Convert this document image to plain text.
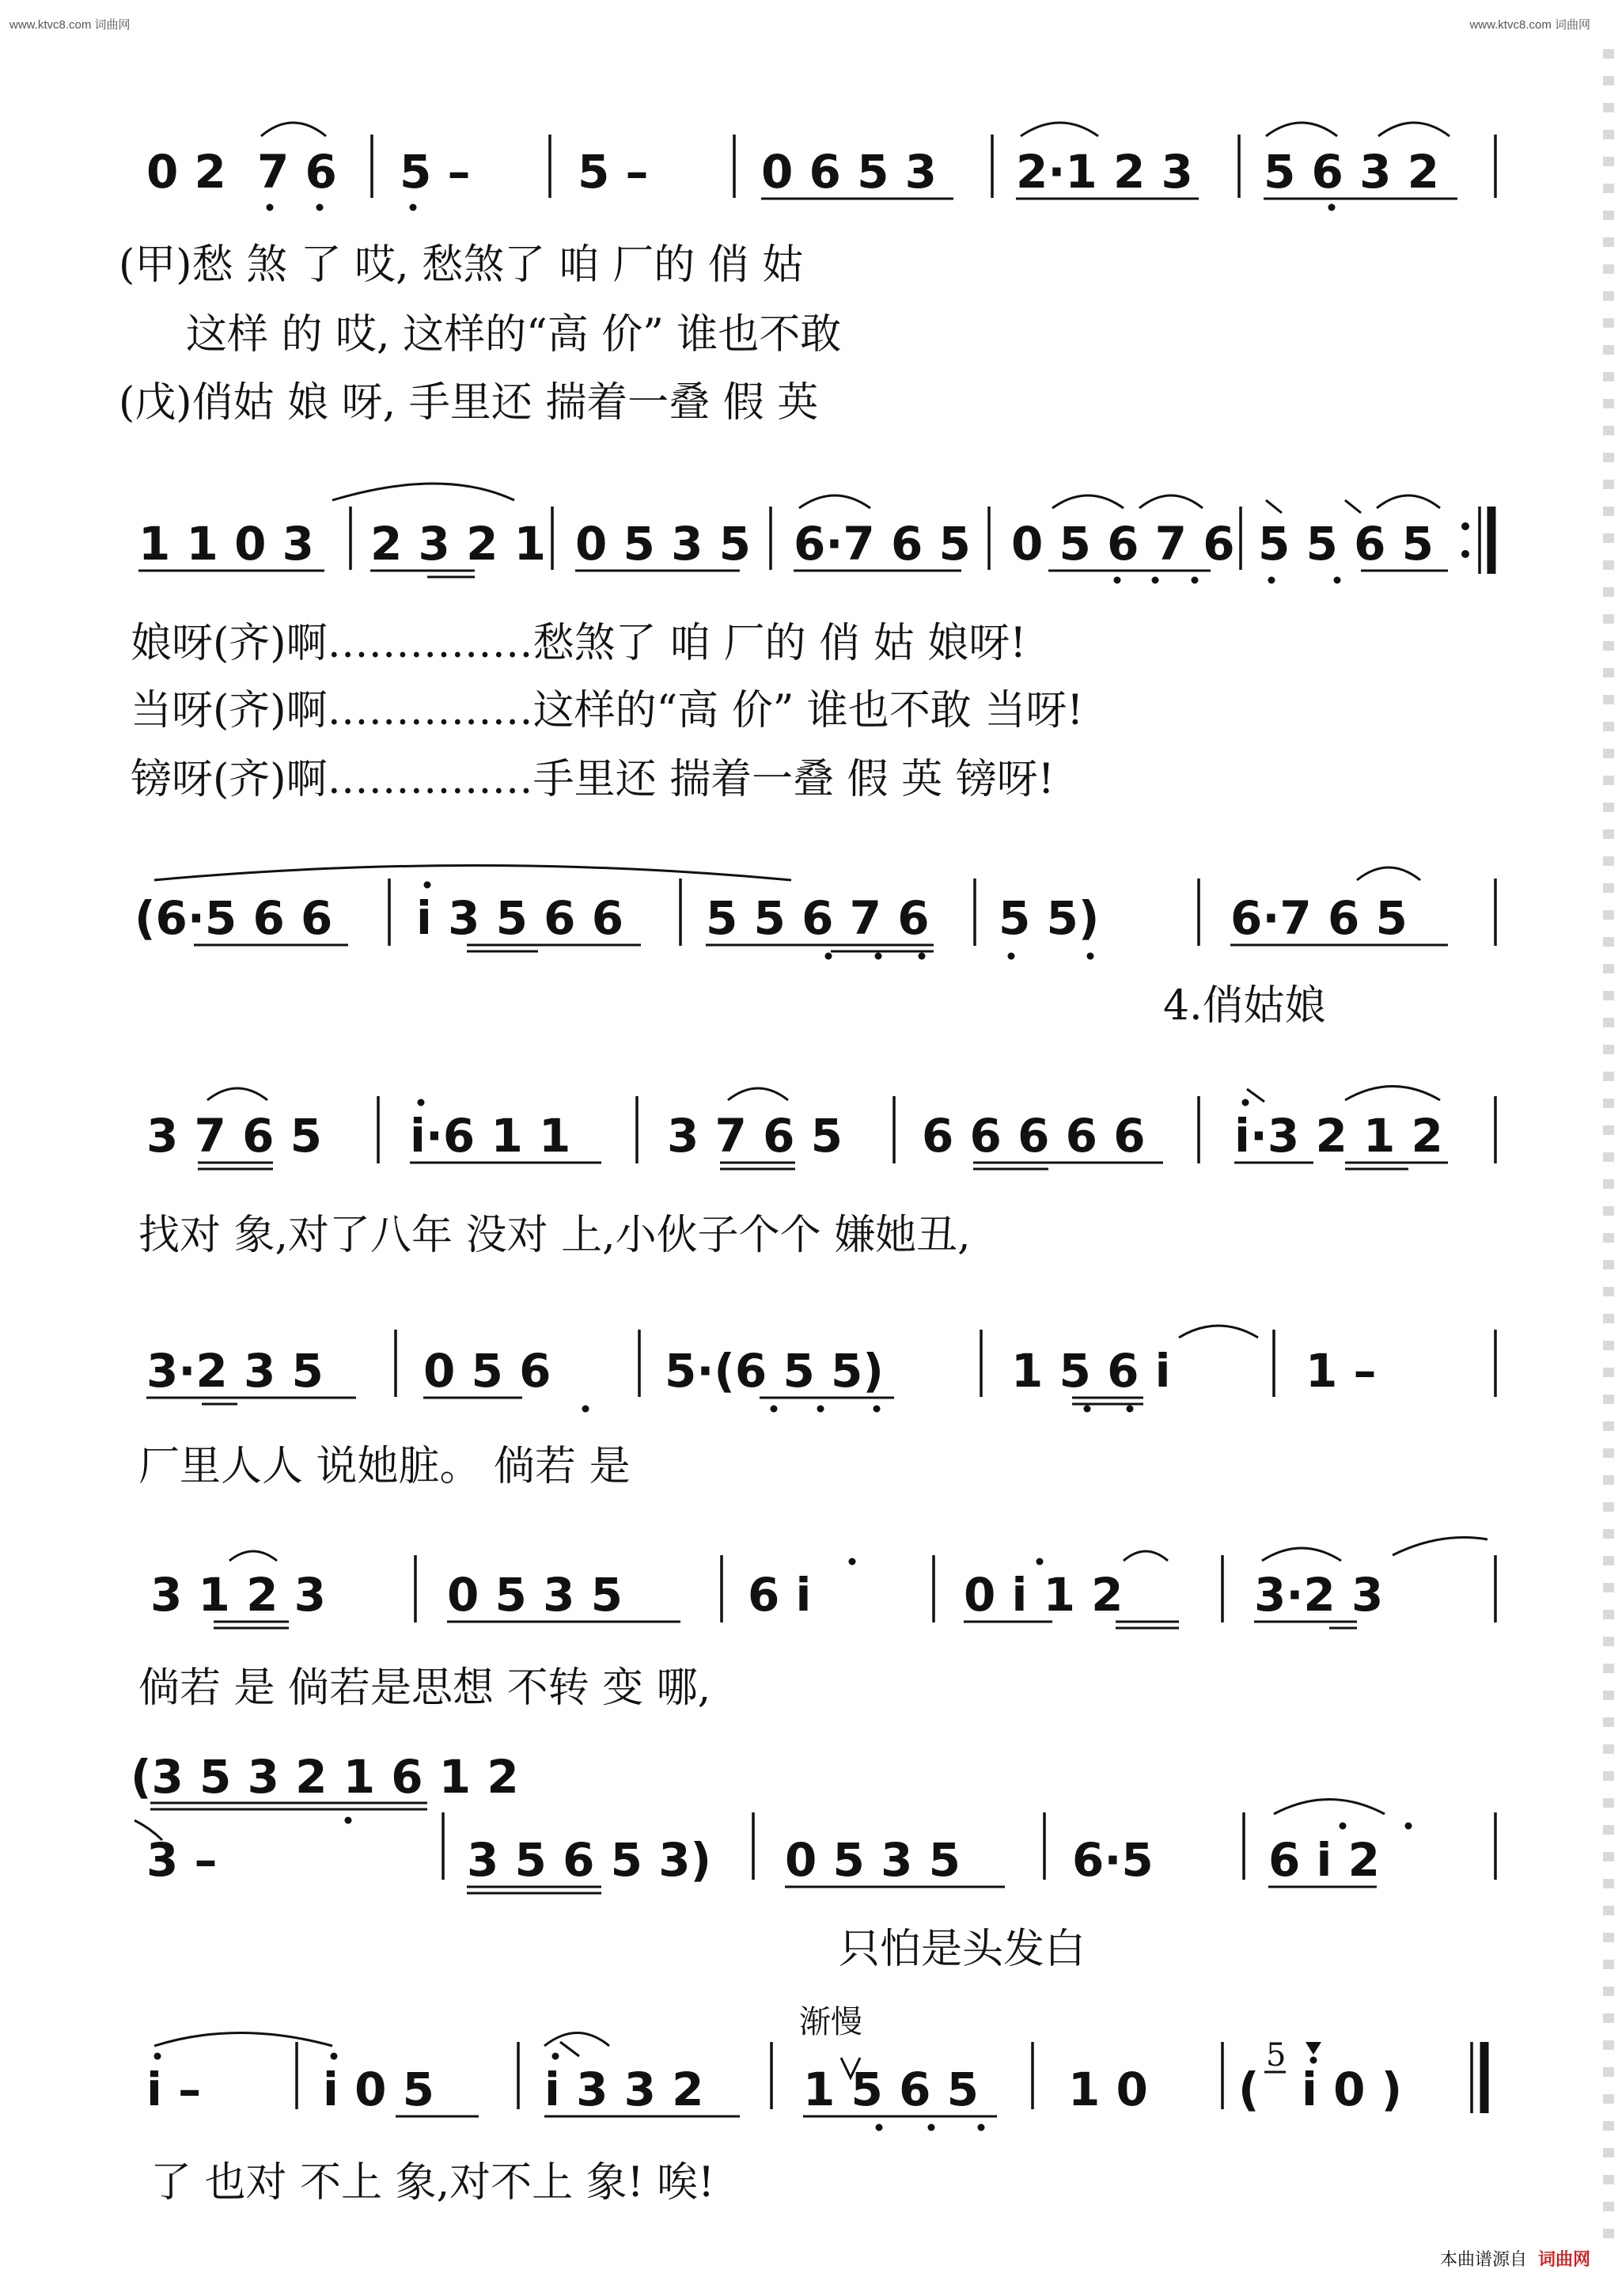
www.ktvc8.com 词曲网	www.ktvc8.com 词曲网
0 2 7 6 5 – 5 – 0 6 5 3 2·1 2 3 5 6 3 2
(甲)愁 煞 了 哎, 愁煞了 咱 厂的 俏 姑
这样 的 哎, 这样的“高 价” 谁也不敢
(戊)俏姑 娘 呀, 手里还 揣着一叠 假 英
1 1 0 3 2 3 2 1 0 5 3 5 6·7 6 5 0 5 6 7 6 5 5 6 5
娘呀(齐)啊……………愁煞了 咱 厂的 俏 姑 娘呀!
当呀(齐)啊……………这样的“高 价” 谁也不敢 当呀!
镑呀(齐)啊……………手里还 揣着一叠 假 英 镑呀!
(6·5 6 6 i 3 5 6 6 5 5 6 7 6 5 5)	6·7 6 5
4.俏姑娘
3 7 6 5 i·6 1 1 3 7 6 5 6 6 6 6 6 i·3 2 1 2
找对 象,对了八年 没对 上,小伙子个个 嫌她丑,
3·2 3 5 0 5 6 5·(6 5 5)	1 5 6 i	1 –
厂里人人 说她脏。 倘若 是
3 1 2 3	0 5 3 5	6 i	0 i 1 2	3·2 3
倘若 是 倘若是思想 不转 变 哪,
(3 5 3 2 1 6 1 2
3 –	3 5 6 5 3) 0 5 3 5 6·5	6 i 2
只怕是头发白
渐慢
i –	i 0 5 i 3 3 2 1 5 6 5 1 0 (
5
i 0 )
了 也对 不上 象,对不上 象! 唉!
本曲谱源自 词曲网
